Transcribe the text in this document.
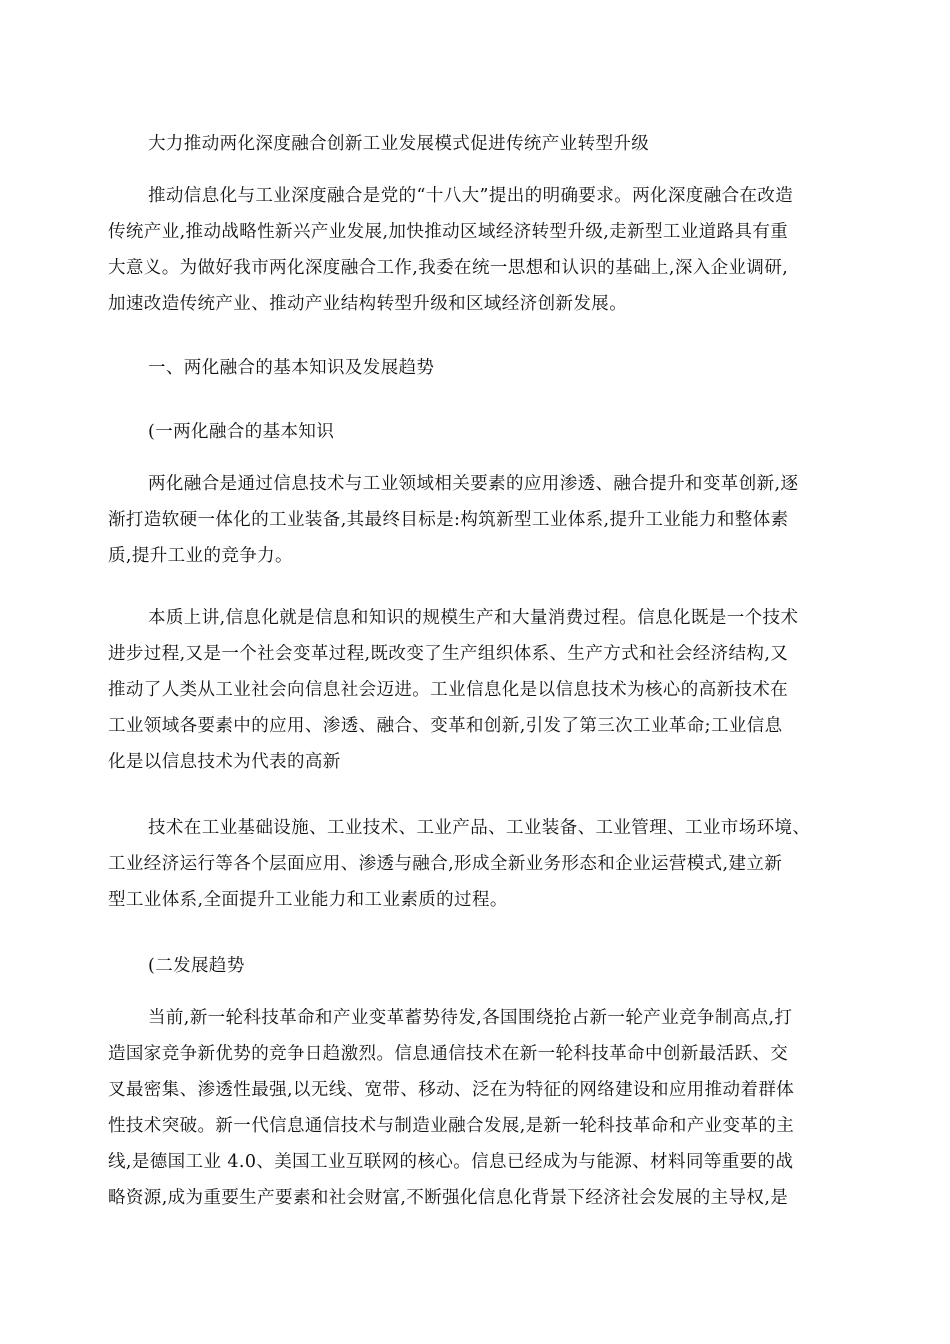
大力推动两化深度融合创新工业发展模式促进传统产业转型升级
推动信息化与工业深度融合是党的“十八大”提出的明确要求。两化深度融合在改造
传统产业,推动战略性新兴产业发展,加快推动区域经济转型升级,走新型工业道路具有重
大意义。为做好我市两化深度融合工作,我委在统一思想和认识的基础上,深入企业调研,
加速改造传统产业、推动产业结构转型升级和区域经济创新发展。
一、两化融合的基本知识及发展趋势
(一两化融合的基本知识
两化融合是通过信息技术与工业领域相关要素的应用渗透、融合提升和变革创新,逐
渐打造软硬一体化的工业装备,其最终目标是:构筑新型工业体系,提升工业能力和整体素
质,提升工业的竞争力。
本质上讲,信息化就是信息和知识的规模生产和大量消费过程。信息化既是一个技术
进步过程,又是一个社会变革过程,既改变了生产组织体系、生产方式和社会经济结构,又
推动了人类从工业社会向信息社会迈进。工业信息化是以信息技术为核心的高新技术在
工业领域各要素中的应用、渗透、融合、变革和创新,引发了第三次工业革命;工业信息
化是以信息技术为代表的高新
技术在工业基础设施、工业技术、工业产品、工业装备、工业管理、工业市场环境、
工业经济运行等各个层面应用、渗透与融合,形成全新业务形态和企业运营模式,建立新
型工业体系,全面提升工业能力和工业素质的过程。
(二发展趋势
当前,新一轮科技革命和产业变革蓄势待发,各国围绕抢占新一轮产业竞争制高点,打
造国家竞争新优势的竞争日趋激烈。信息通信技术在新一轮科技革命中创新最活跃、交
叉最密集、渗透性最强,以无线、宽带、移动、泛在为特征的网络建设和应用推动着群体
性技术突破。新一代信息通信技术与制造业融合发展,是新一轮科技革命和产业变革的主
线,是德国工业 4.0、美国工业互联网的核心。信息已经成为与能源、材料同等重要的战
略资源,成为重要生产要素和社会财富,不断强化信息化背景下经济社会发展的主导权,是
